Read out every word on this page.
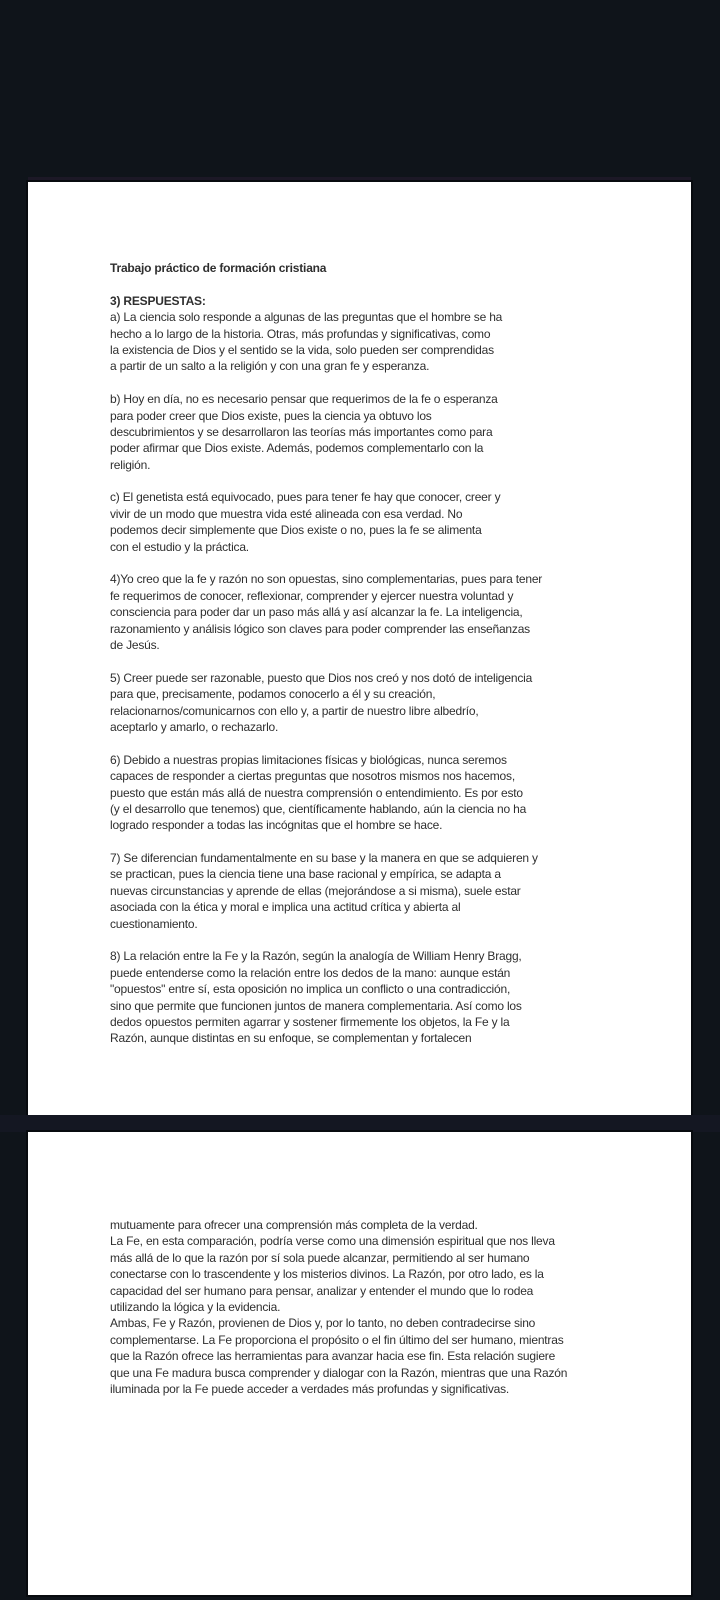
Trabajo práctico de formación cristiana

3) RESPUESTAS:
a) La ciencia solo responde a algunas de las preguntas que el hombre se ha
hecho a lo largo de la historia. Otras, más profundas y significativas, como
la existencia de Dios y el sentido se la vida, solo pueden ser comprendidas
a partir de un salto a la religión y con una gran fe y esperanza.

b) Hoy en día, no es necesario pensar que requerimos de la fe o esperanza
para poder creer que Dios existe, pues la ciencia ya obtuvo los
descubrimientos y se desarrollaron las teorías más importantes como para
poder afirmar que Dios existe. Además, podemos complementarlo con la
religión.

c) El genetista está equivocado, pues para tener fe hay que conocer, creer y
vivir de un modo que muestra vida esté alineada con esa verdad. No
podemos decir simplemente que Dios existe o no, pues la fe se alimenta
con el estudio y la práctica.

4)Yo creo que la fe y razón no son opuestas, sino complementarias, pues para tener
fe requerimos de conocer, reflexionar, comprender y ejercer nuestra voluntad y
consciencia para poder dar un paso más allá y así alcanzar la fe. La inteligencia,
razonamiento y análisis lógico son claves para poder comprender las enseñanzas
de Jesús.

5) Creer puede ser razonable, puesto que Dios nos creó y nos dotó de inteligencia
para que, precisamente, podamos conocerlo a él y su creación,
relacionarnos/comunicarnos con ello y, a partir de nuestro libre albedrío,
aceptarlo y amarlo, o rechazarlo.

6) Debido a nuestras propias limitaciones físicas y biológicas, nunca seremos
capaces de responder a ciertas preguntas que nosotros mismos nos hacemos,
puesto que están más allá de nuestra comprensión o entendimiento. Es por esto
(y el desarrollo que tenemos) que, científicamente hablando, aún la ciencia no ha
logrado responder a todas las incógnitas que el hombre se hace.

7) Se diferencian fundamentalmente en su base y la manera en que se adquieren y
se practican, pues la ciencia tiene una base racional y empírica, se adapta a
nuevas circunstancias y aprende de ellas (mejorándose a si misma), suele estar
asociada con la ética y moral e implica una actitud crítica y abierta al
cuestionamiento.

8) La relación entre la Fe y la Razón, según la analogía de William Henry Bragg,
puede entenderse como la relación entre los dedos de la mano: aunque están
"opuestos" entre sí, esta oposición no implica un conflicto o una contradicción,
sino que permite que funcionen juntos de manera complementaria. Así como los
dedos opuestos permiten agarrar y sostener firmemente los objetos, la Fe y la
Razón, aunque distintas en su enfoque, se complementan y fortalecen
mutuamente para ofrecer una comprensión más completa de la verdad.
La Fe, en esta comparación, podría verse como una dimensión espiritual que nos lleva
más allá de lo que la razón por sí sola puede alcanzar, permitiendo al ser humano
conectarse con lo trascendente y los misterios divinos. La Razón, por otro lado, es la
capacidad del ser humano para pensar, analizar y entender el mundo que lo rodea
utilizando la lógica y la evidencia.
Ambas, Fe y Razón, provienen de Dios y, por lo tanto, no deben contradecirse sino
complementarse. La Fe proporciona el propósito o el fin último del ser humano, mientras
que la Razón ofrece las herramientas para avanzar hacia ese fin. Esta relación sugiere
que una Fe madura busca comprender y dialogar con la Razón, mientras que una Razón
iluminada por la Fe puede acceder a verdades más profundas y significativas.
